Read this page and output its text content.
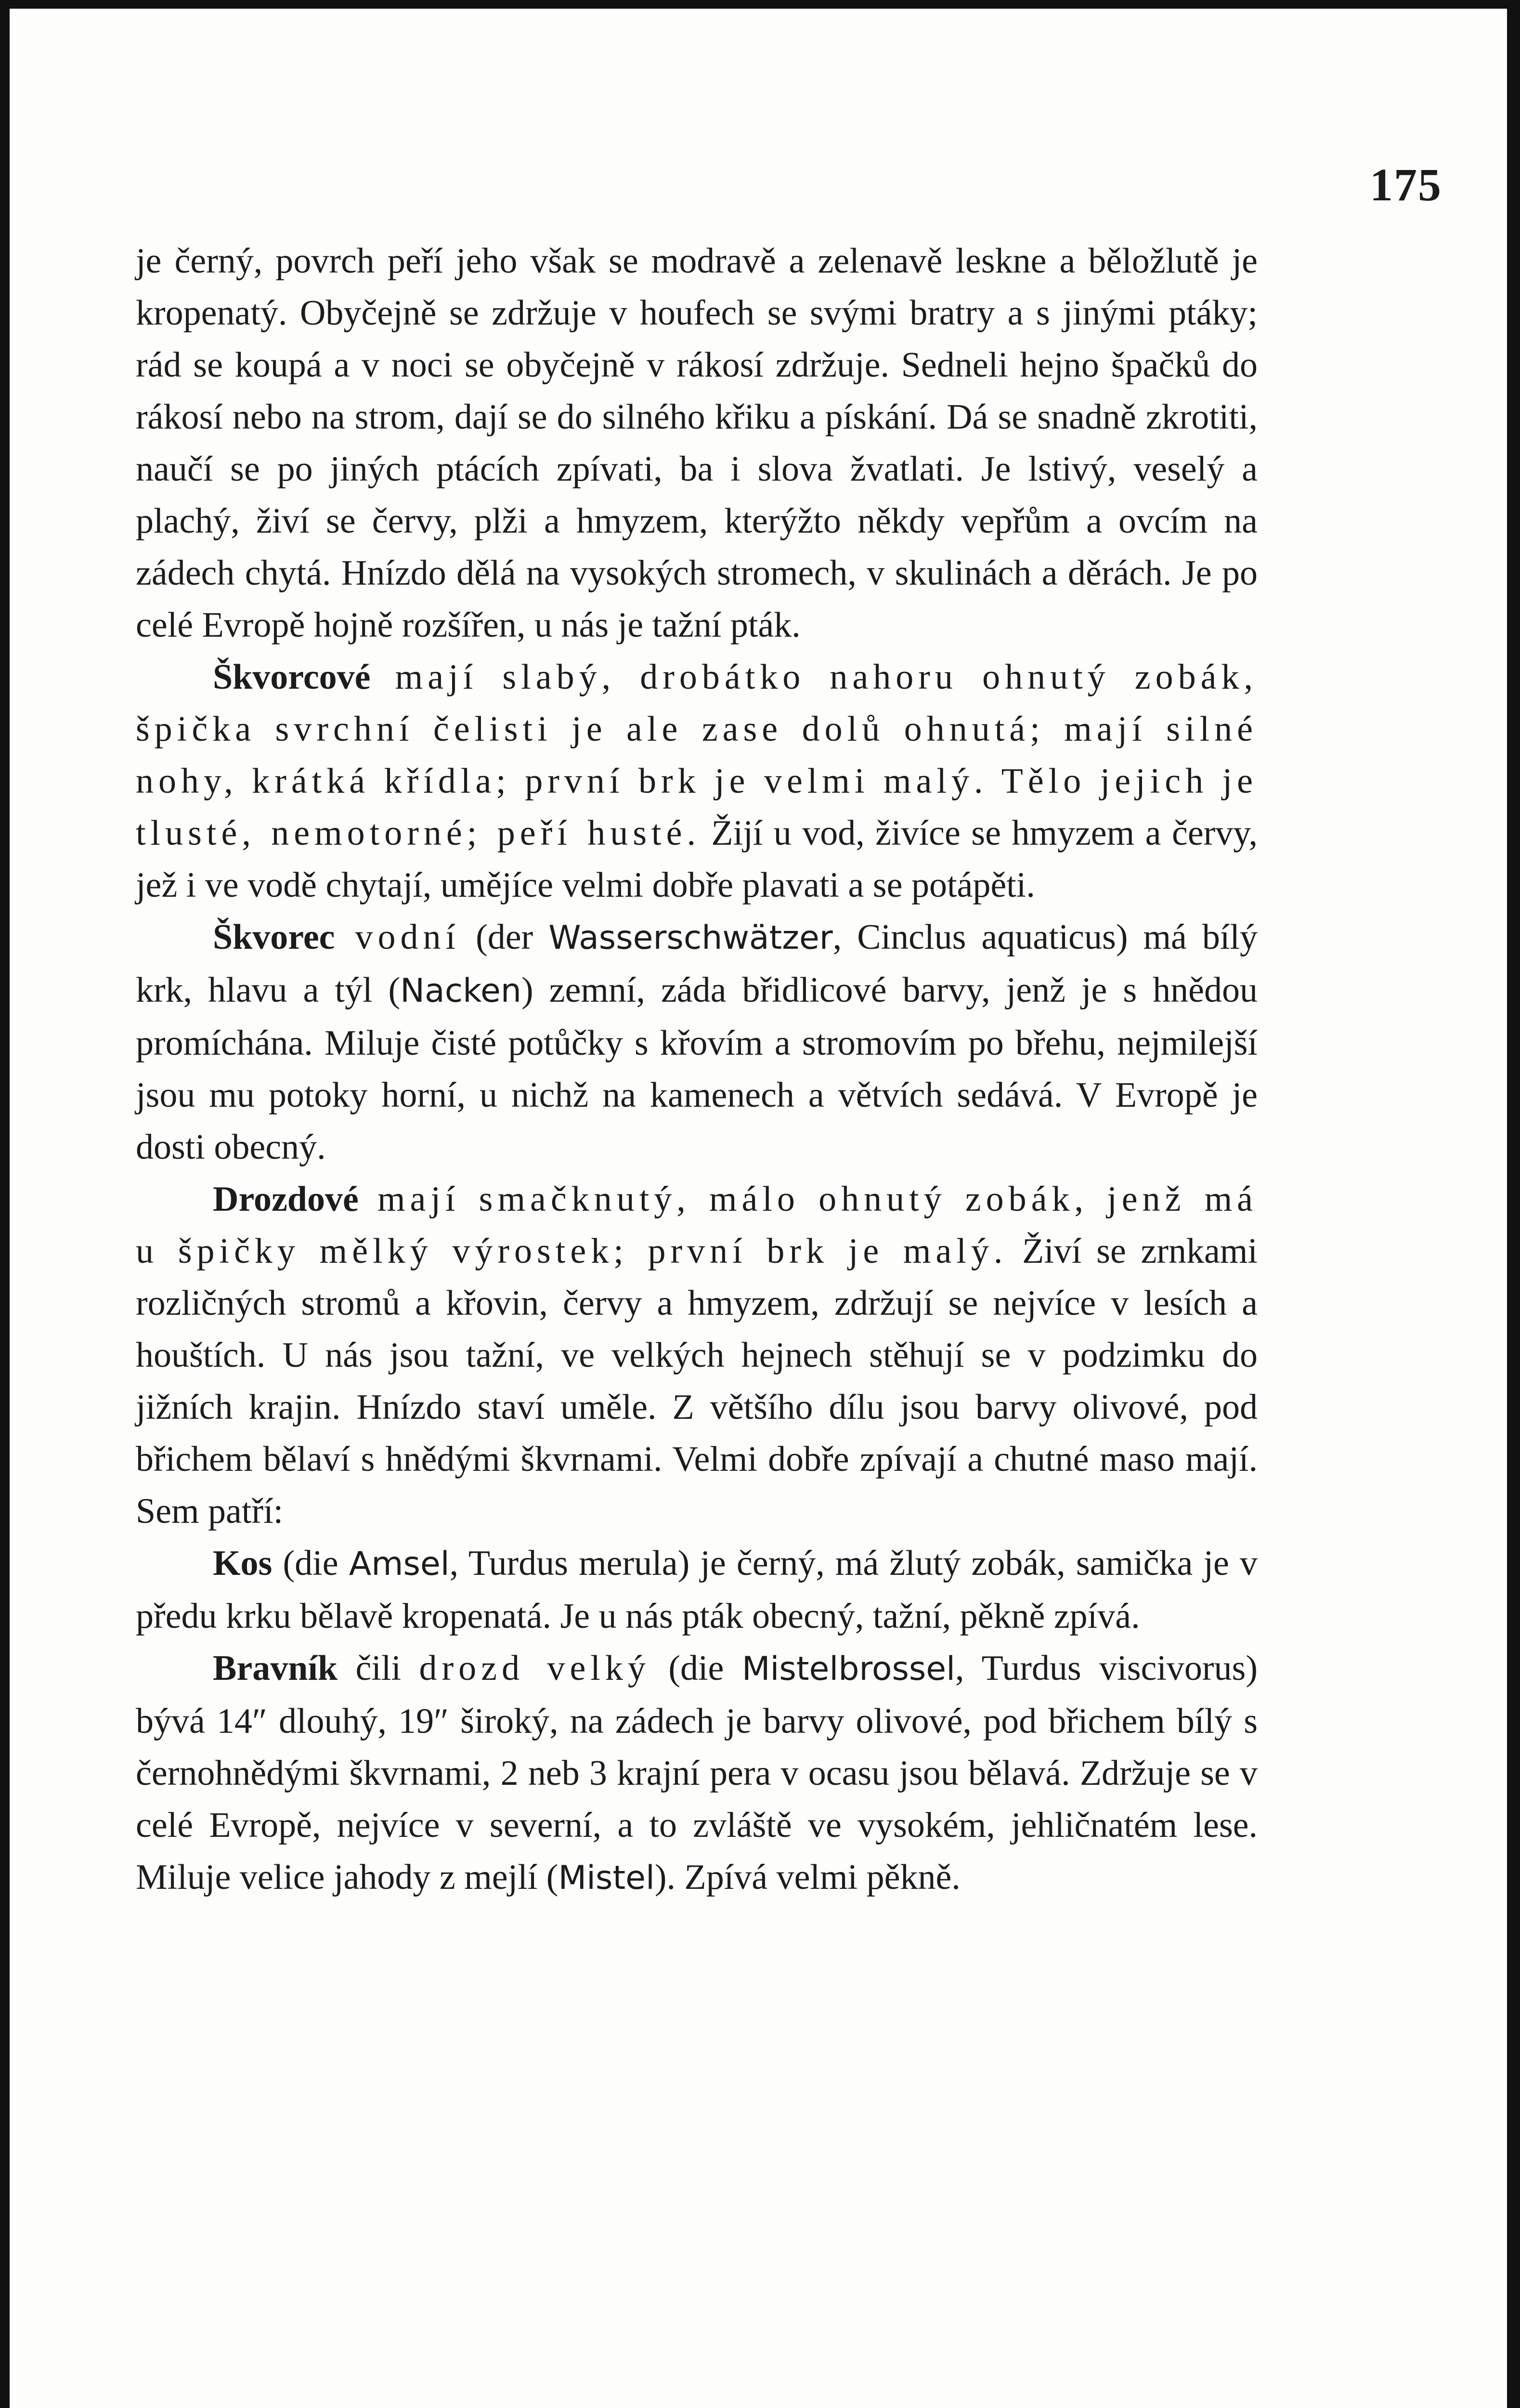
175

je černý, povrch peří jeho však se modravě a zelenavě leskne a běložlutě je kropenatý. Obyčejně se zdržuje v houfech se svými bratry a s jinými ptáky; rád se koupá a v noci se obyčejně v rákosí zdržuje. Sedneli hejno špačků do rákosí nebo na strom, dají se do silného křiku a pískání. Dá se snadně zkrotiti, naučí se po jiných ptácích zpívati, ba i slova žvatlati. Je lstivý, veselý a plachý, živí se červy, plži a hmyzem, kterýžto někdy vepřům a ovcím na zádech chytá. Hnízdo dělá na vysokých stromech, v skulinách a děrách. Je po celé Evropě hojně rozšířen, u nás je tažní pták.

Škvorcové mají slabý, drobátko nahoru ohnutý zobák, špička svrchní čelisti je ale zase dolů ohnutá; mají silné nohy, krátká křídla; první brk je velmi malý. Tělo jejich je tlusté, nemotorné; peří husté. Žijí u vod, živíce se hmyzem a červy, jež i ve vodě chytají, umějíce velmi dobře plavati a se potápěti.

Škvorec vodní (der Wasserschwätzer, Cinclus aquaticus) má bílý krk, hlavu a týl (Nacken) zemní, záda břidlicové barvy, jenž je s hnědou promíchána. Miluje čisté potůčky s křovím a stromovím po břehu, nejmilejší jsou mu potoky horní, u nichž na kamenech a větvích sedává. V Evropě je dosti obecný.

Drozdové mají smačknutý, málo ohnutý zobák, jenž má u špičky mělký výrostek; první brk je malý. Živí se zrnkami rozličných stromů a křovin, červy a hmyzem, zdržují se nejvíce v lesích a houštích. U nás jsou tažní, ve velkých hejnech stěhují se v podzimku do jižních krajin. Hnízdo staví uměle. Z většího dílu jsou barvy olivové, pod břichem bělaví s hnědými škvrnami. Velmi dobře zpívají a chutné maso mají. Sem patří:

Kos (die Amsel, Turdus merula) je černý, má žlutý zobák, samička je v předu krku bělavě kropenatá. Je u nás pták obecný, tažní, pěkně zpívá.

Bravník čili drozd velký (die Mistelbrossel, Turdus viscivorus) bývá 14″ dlouhý, 19″ široký, na zádech je barvy olivové, pod břichem bílý s černohnědými škvrnami, 2 neb 3 krajní pera v ocasu jsou bělavá. Zdržuje se v celé Evropě, nejvíce v severní, a to zvláště ve vysokém, jehličnatém lese. Miluje velice jahody z mejlí (Mistel). Zpívá velmi pěkně.
